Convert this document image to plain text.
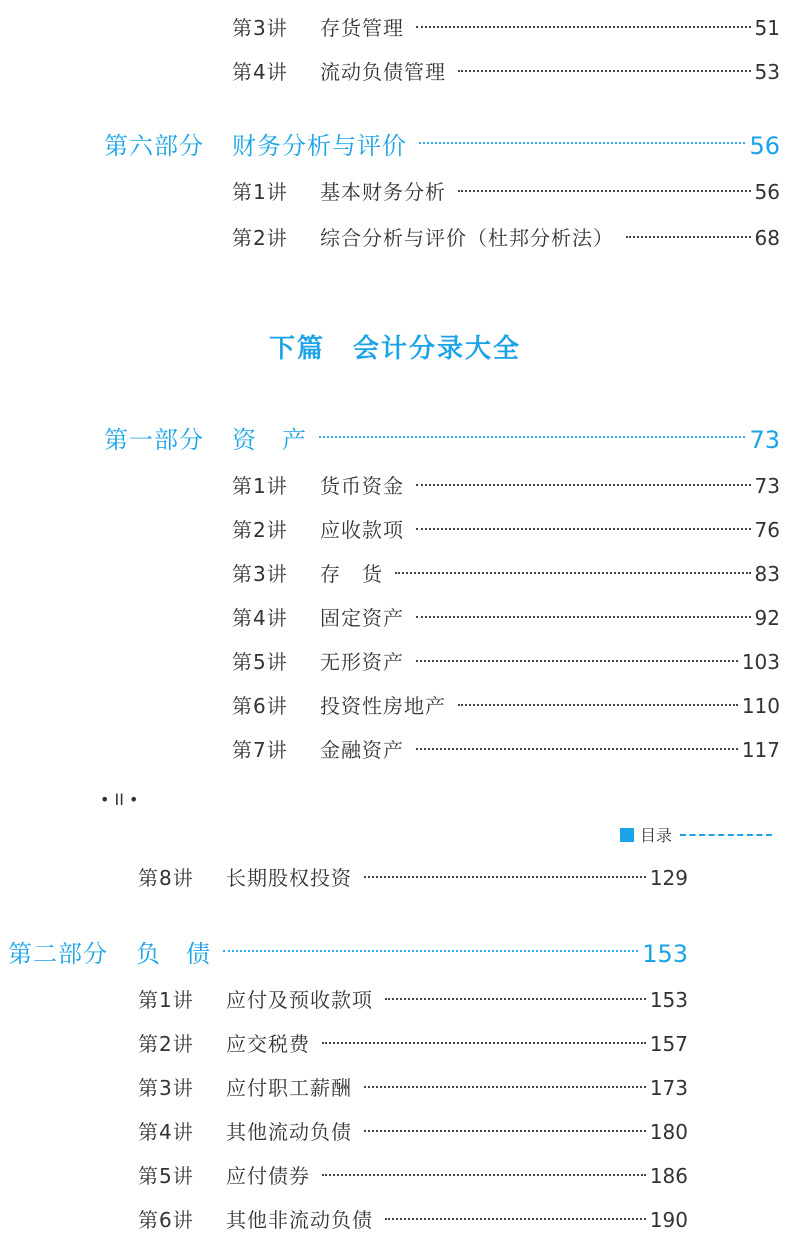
第3讲	存货管理	51
第4讲	流动负债管理	53
第六部分	财务分析与评价	56
第1讲	基本财务分析	56
第2讲	综合分析与评价（杜邦分析法）	68
下篇　会计分录大全
第一部分	资　产	73
第1讲	货币资金	73
第2讲	应收款项	76
第3讲	存　货	83
第4讲	固定资产	92
第5讲	无形资产	103
第6讲	投资性房地产	110
第7讲	金融资产	117
• II •
目录
第8讲	长期股权投资	129
第二部分	负　债	153
第1讲	应付及预收款项	153
第2讲	应交税费	157
第3讲	应付职工薪酬	173
第4讲	其他流动负债	180
第5讲	应付债券	186
第6讲	其他非流动负债	190
